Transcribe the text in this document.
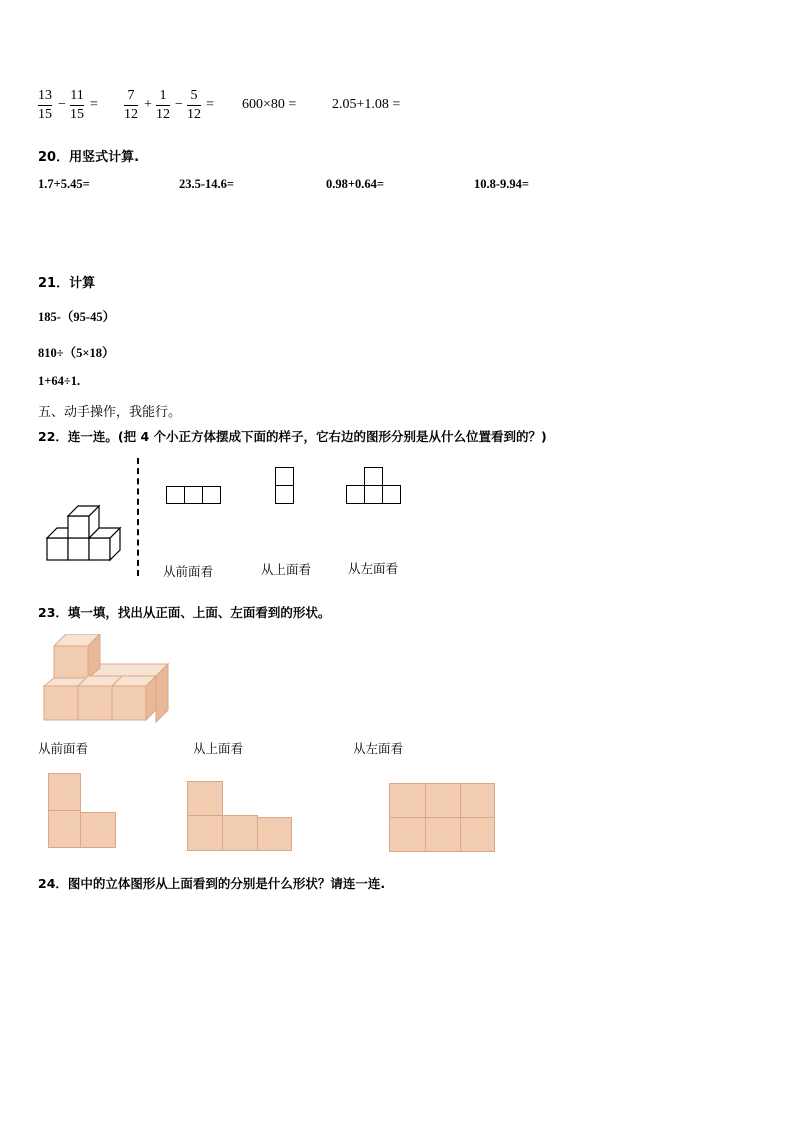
13
15
−
11
15
=
7
12
+
1
12
−
5
12
= 600×80 =	2.05+1.08 =
20．用竖式计算.
1.7+5.45=	23.5-14.6=	0.98+0.64=	10.8-9.94=
21．计算
185-（95-45）
810÷（5×18）
1+64÷1.
五、动手操作，我能行。
22．连一连。(把 4 个小正方体摆成下面的样子，它右边的图形分别是从什么位置看到的？)
从前面看	从上面看	从左面看
23．填一填，找出从正面、上面、左面看到的形状。
从前面看	从上面看	从左面看
24．图中的立体图形从上面看到的分别是什么形状？请连一连.
